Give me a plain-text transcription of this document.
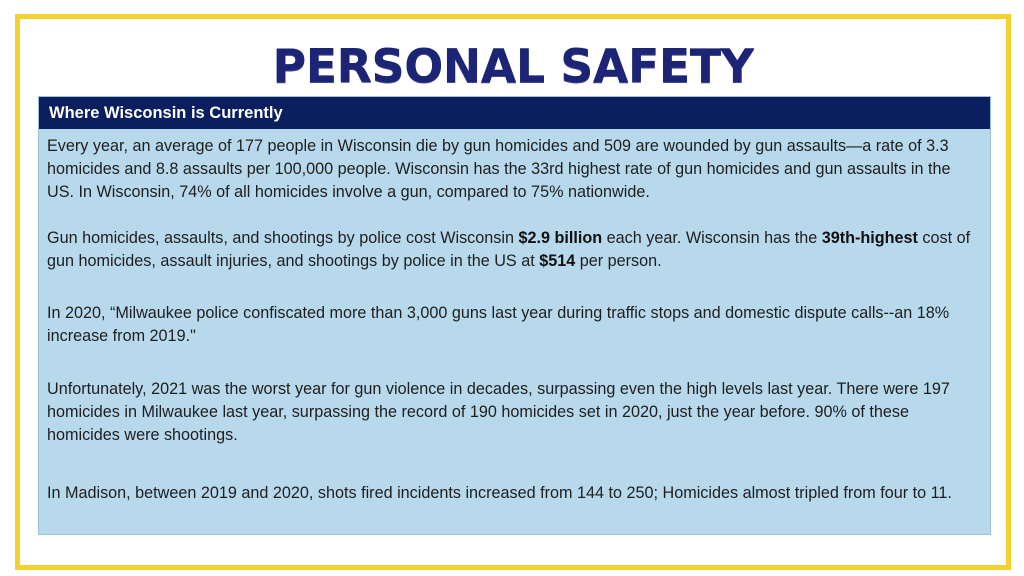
PERSONAL SAFETY
Where Wisconsin is Currently

Every year, an average of 177 people in Wisconsin die by gun homicides and 509 are wounded by gun assaults—a rate of 3.3 homicides and 8.8 assaults per 100,000 people. Wisconsin has the 33rd highest rate of gun homicides and gun assaults in the US. In Wisconsin, 74% of all homicides involve a gun, compared to 75% nationwide.

Gun homicides, assaults, and shootings by police cost Wisconsin $2.9 billion each year. Wisconsin has the 39th-highest cost of gun homicides, assault injuries, and shootings by police in the US at $514 per person.

In 2020, “Milwaukee police confiscated more than 3,000 guns last year during traffic stops and domestic dispute calls--an 18% increase from 2019."

Unfortunately, 2021 was the worst year for gun violence in decades, surpassing even the high levels last year. There were 197 homicides in Milwaukee last year, surpassing the record of 190 homicides set in 2020, just the year before. 90% of these homicides were shootings.

In Madison, between 2019 and 2020, shots fired incidents increased from 144 to 250; Homicides almost tripled from four to 11.
